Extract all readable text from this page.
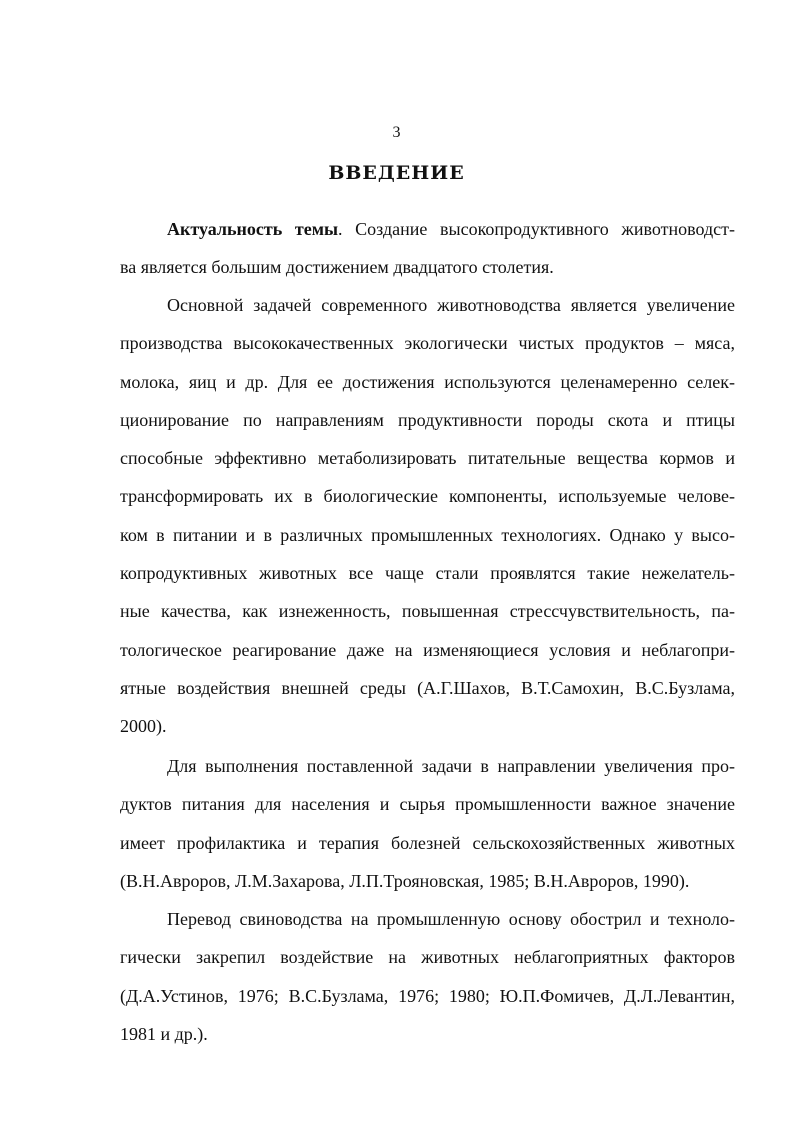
3
ВВЕДЕНИЕ
Актуальность темы. Создание высокопродуктивного животноводст-
ва является большим достижением двадцатого столетия.
Основной задачей современного животноводства является увеличение
производства высококачественных экологически чистых продуктов – мяса,
молока, яиц и др. Для ее достижения используются целенамеренно селек-
ционирование по направлениям продуктивности породы скота и птицы
способные эффективно метаболизировать питательные вещества кормов и
трансформировать их в биологические компоненты, используемые челове-
ком в питании и в различных промышленных технологиях. Однако у высо-
копродуктивных животных все чаще стали проявлятся такие нежелатель-
ные качества, как изнеженность, повышенная стрессчувствительность, па-
тологическое реагирование даже на изменяющиеся условия и неблагопри-
ятные воздействия внешней среды (А.Г.Шахов, В.Т.Самохин, В.С.Бузлама,
2000).
Для выполнения поставленной задачи в направлении увеличения про-
дуктов питания для населения и сырья промышленности важное значение
имеет профилактика и терапия болезней сельскохозяйственных животных
(В.Н.Авроров, Л.М.Захарова, Л.П.Трояновская, 1985; В.Н.Авроров, 1990).
Перевод свиноводства на промышленную основу обострил и техноло-
гически закрепил воздействие на животных неблагоприятных факторов
(Д.А.Устинов, 1976; В.С.Бузлама, 1976; 1980; Ю.П.Фомичев, Д.Л.Левантин,
1981 и др.).
